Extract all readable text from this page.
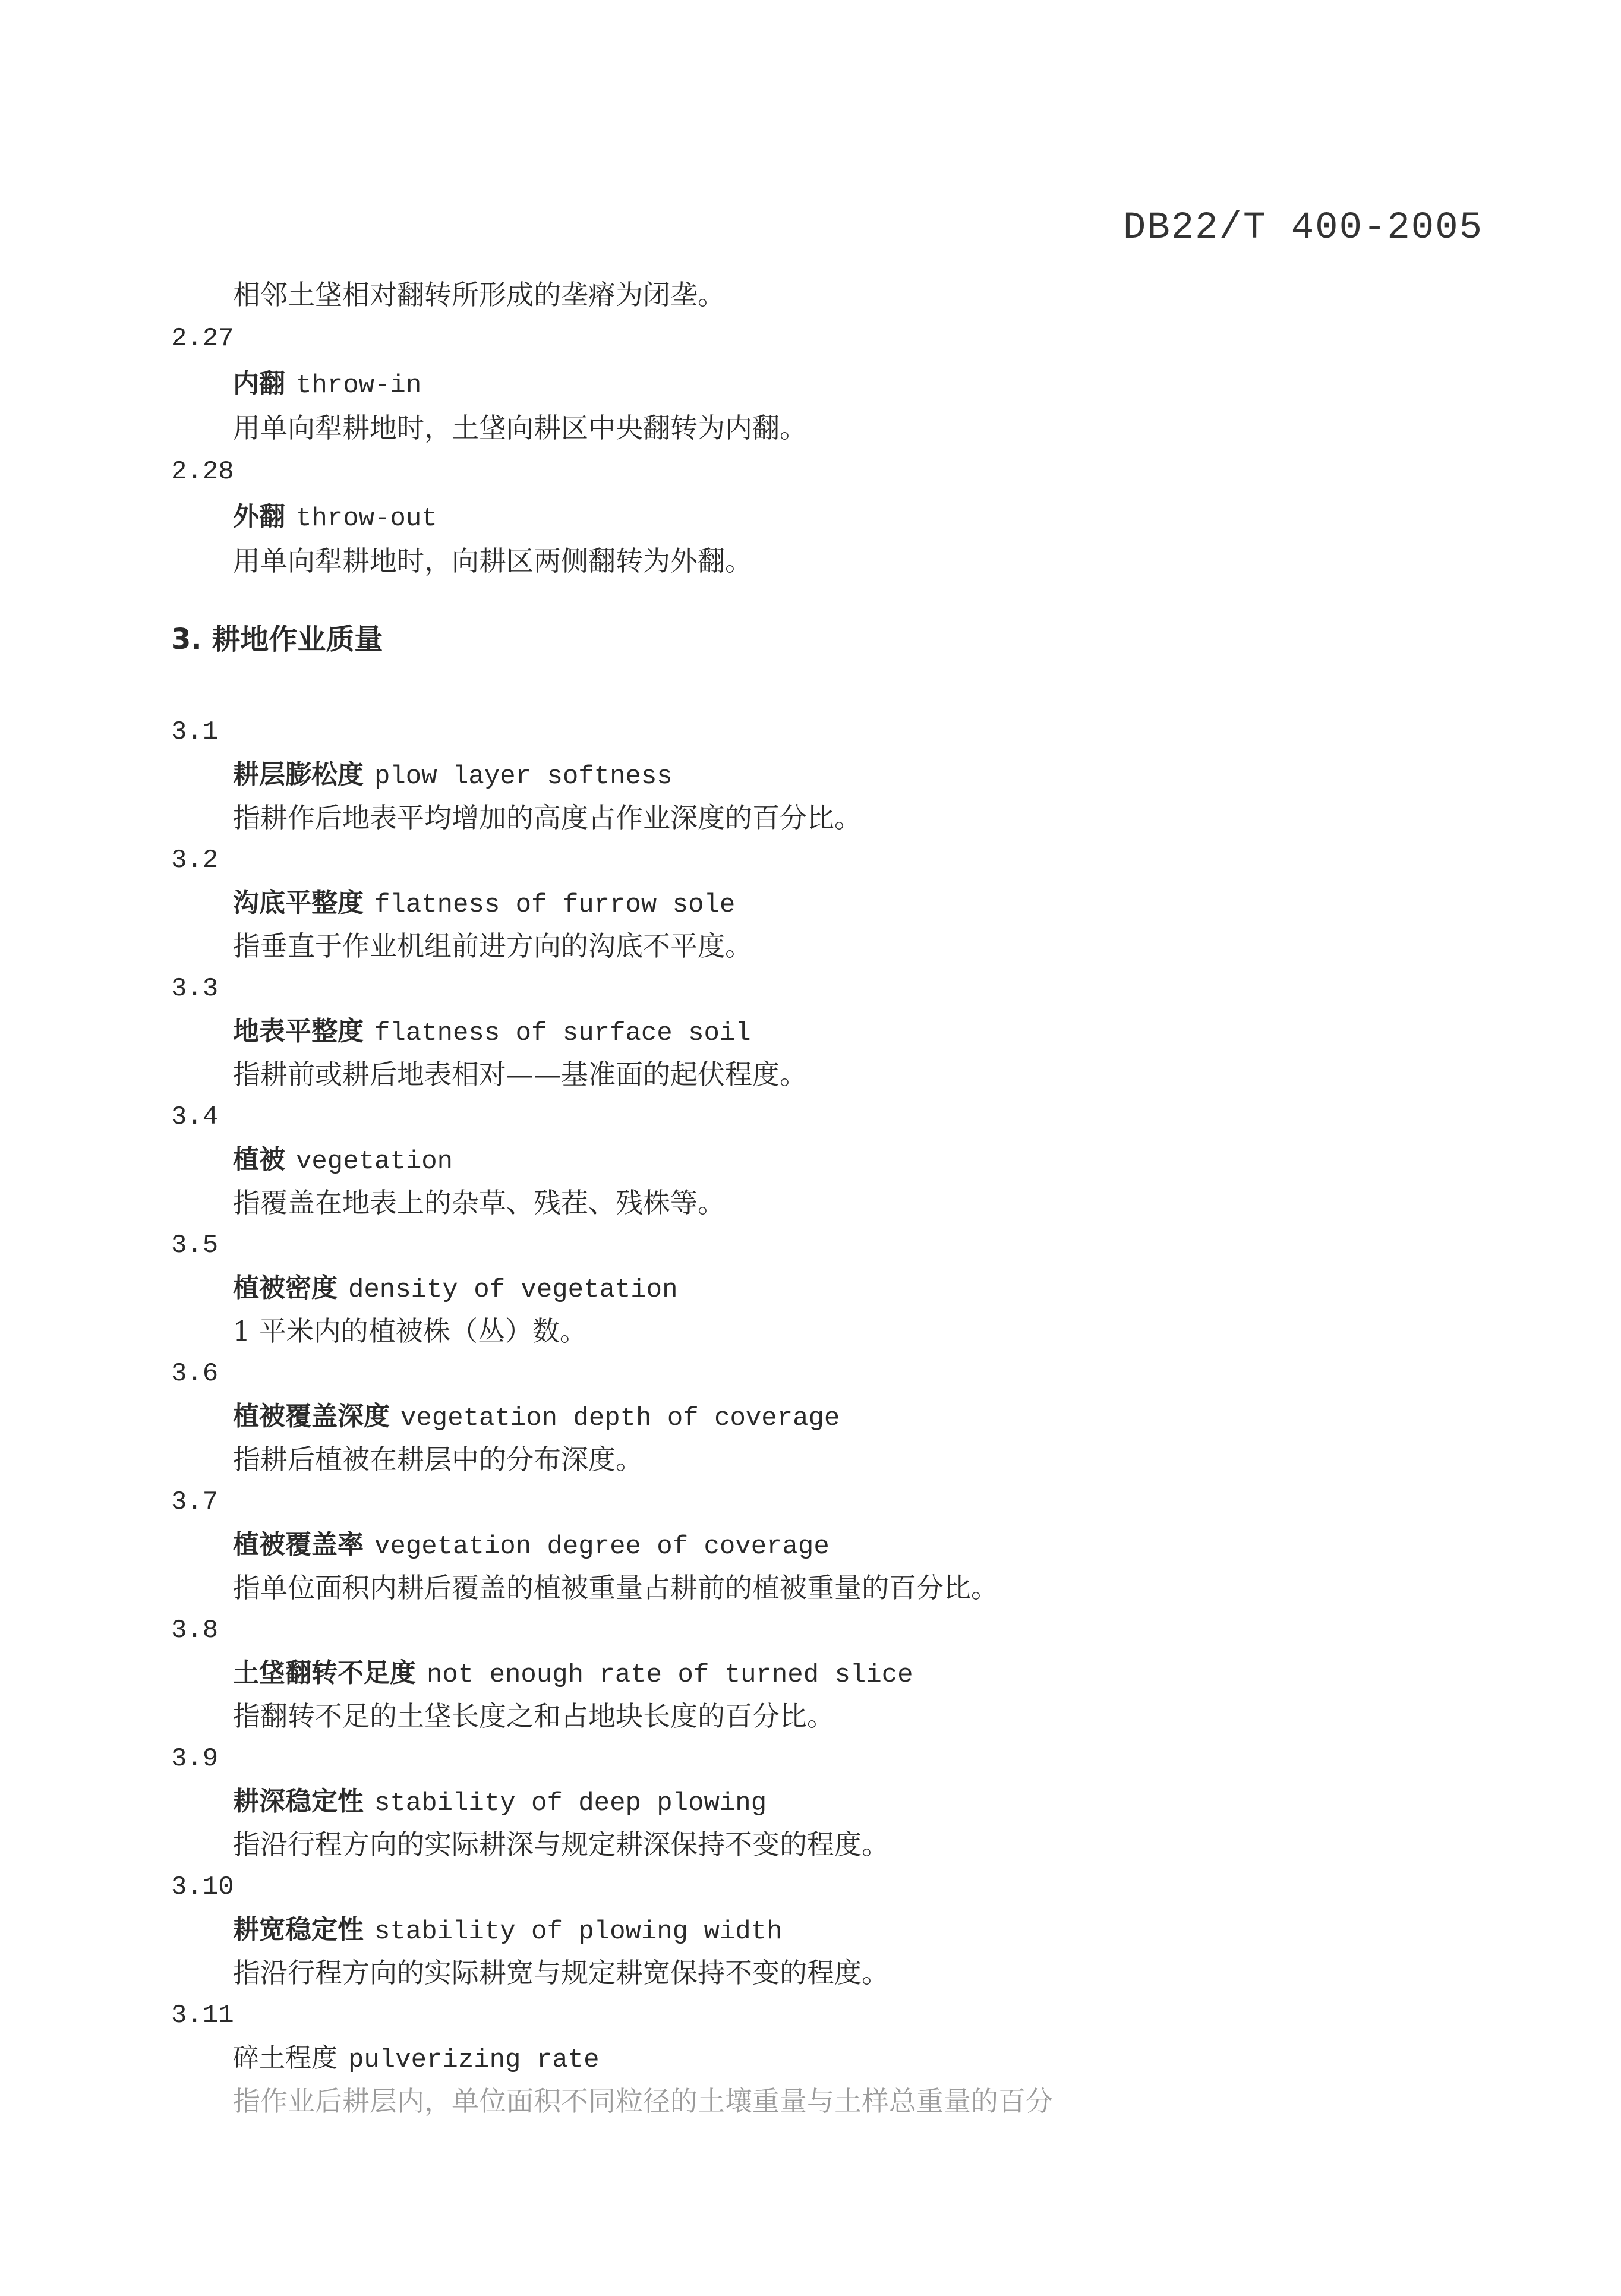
DB22/T 400-2005
相邻土垡相对翻转所形成的垄瘠为闭垄。
2.27
内翻 throw-in
用单向犁耕地时，土垡向耕区中央翻转为内翻。
2.28
外翻 throw-out
用单向犁耕地时，向耕区两侧翻转为外翻。
3. 耕地作业质量
3.1
耕层膨松度 plow layer softness
指耕作后地表平均增加的高度占作业深度的百分比。
3.2
沟底平整度 flatness of furrow sole
指垂直于作业机组前进方向的沟底不平度。
3.3
地表平整度 flatness of surface soil
指耕前或耕后地表相对——基准面的起伏程度。
3.4
植被 vegetation
指覆盖在地表上的杂草、残茬、残株等。
3.5
植被密度 density of vegetation
1 平米内的植被株（丛）数。
3.6
植被覆盖深度 vegetation depth of coverage
指耕后植被在耕层中的分布深度。
3.7
植被覆盖率 vegetation degree of coverage
指单位面积内耕后覆盖的植被重量占耕前的植被重量的百分比。
3.8
土垡翻转不足度 not enough rate of turned slice
指翻转不足的土垡长度之和占地块长度的百分比。
3.9
耕深稳定性 stability of deep plowing
指沿行程方向的实际耕深与规定耕深保持不变的程度。
3.10
耕宽稳定性 stability of plowing width
指沿行程方向的实际耕宽与规定耕宽保持不变的程度。
3.11
碎土程度 pulverizing rate
指作业后耕层内，单位面积不同粒径的土壤重量与土样总重量的百分
